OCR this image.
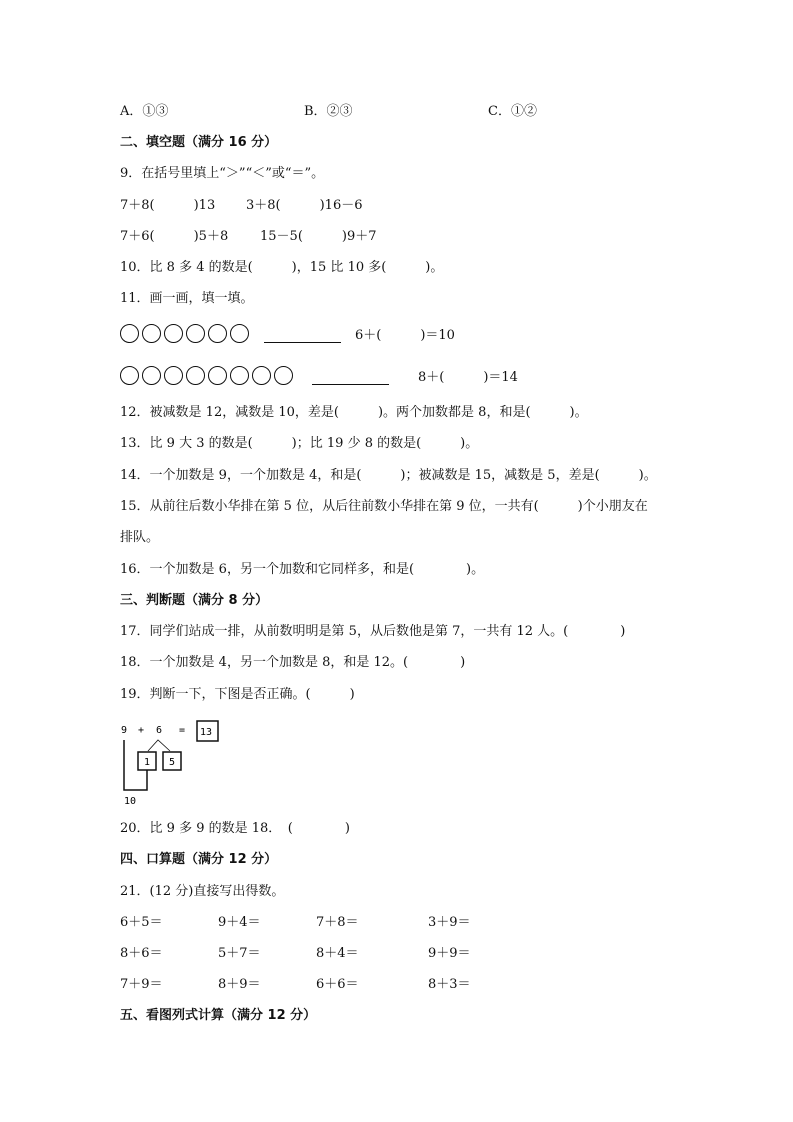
A．①③	B．②③	C．①②
二、填空题（满分 16 分）
9．在括号里填上“＞”“＜”或“＝”。
7＋8(　　　)13 3＋8(　　　)16－6
7＋6(　　　)5＋8 15－5(　　　)9＋7
10．比 8 多 4 的数是(　　　)，15 比 10 多(　　　)。
11．画一画，填一填。
6＋(　　　)＝10
8＋(　　　)＝14
12．被减数是 12，减数是 10，差是(　　　)。两个加数都是 8，和是(　　　)。
13．比 9 大 3 的数是(　　　)；比 19 少 8 的数是(　　　)。
14．一个加数是 9，一个加数是 4，和是(　　　)；被减数是 15，减数是 5，差是(　　　)。
15．从前往后数小华排在第 5 位，从后往前数小华排在第 9 位，一共有(　　　)个小朋友在
排队。
16．一个加数是 6，另一个加数和它同样多，和是(　　　　)。
三、判断题（满分 8 分）
17．同学们站成一排，从前数明明是第 5，从后数他是第 7，一共有 12 人。(　　　　)
18．一个加数是 4，另一个加数是 8，和是 12。(　　　　)
19．判断一下，下图是否正确。(　　　)
9 + 6 = 13
1 5
10
20．比 9 多 9 的数是 18．　(　　　　)
四、口算题（满分 12 分）
21．(12 分)直接写出得数。
6＋5＝	9＋4＝	7＋8＝	3＋9＝
8＋6＝	5＋7＝	8＋4＝	9＋9＝
7＋9＝	8＋9＝	6＋6＝	8＋3＝
五、看图列式计算（满分 12 分）
